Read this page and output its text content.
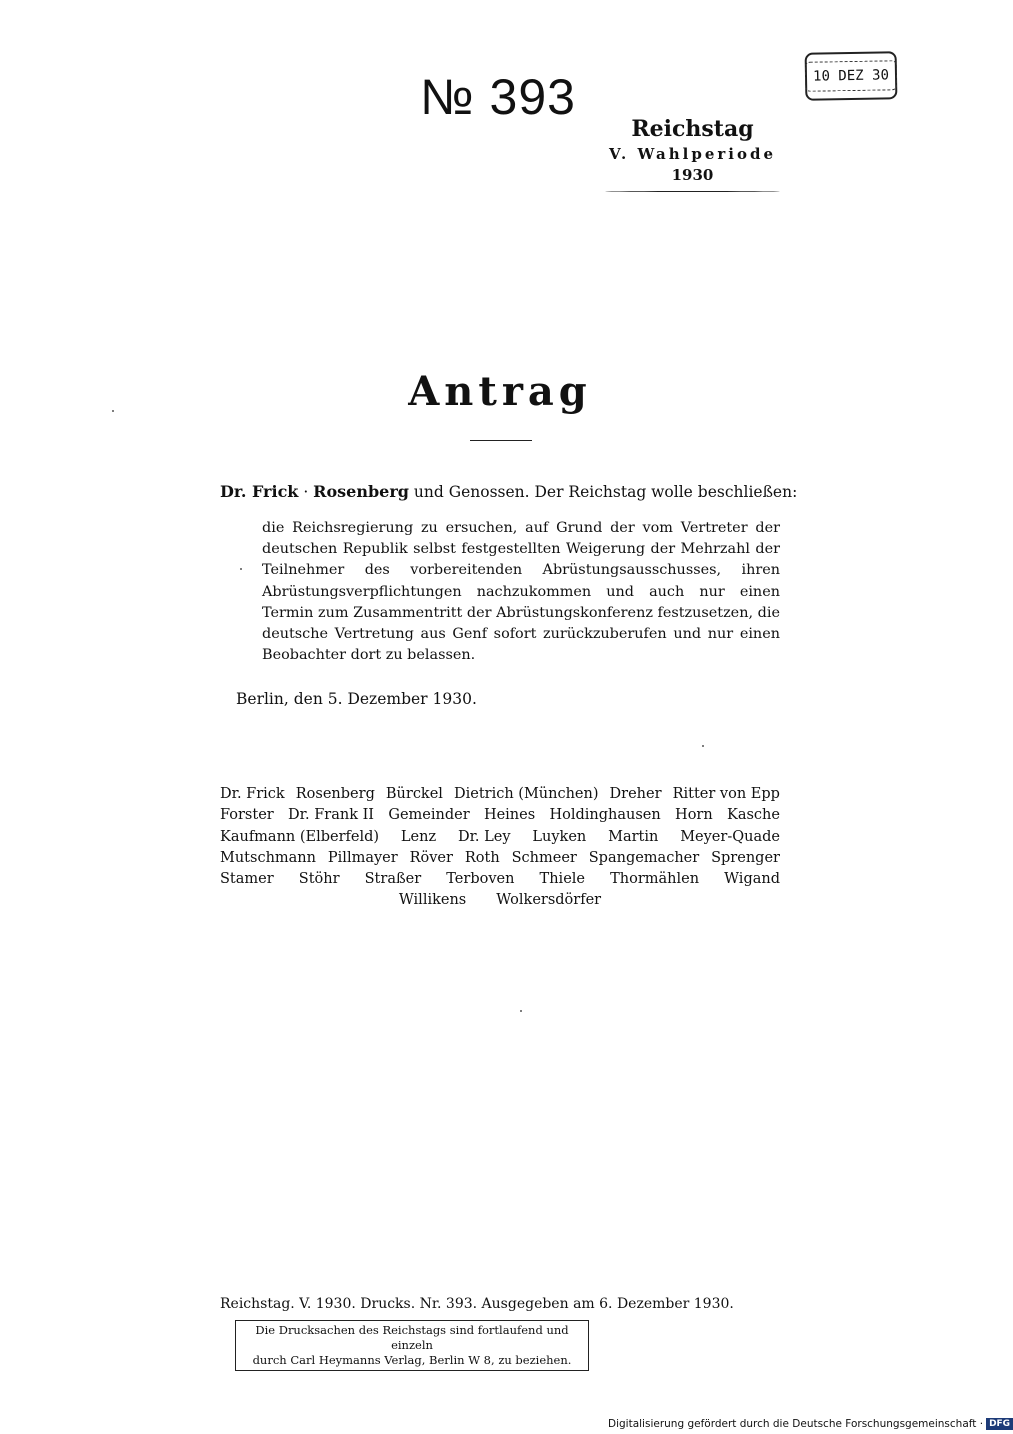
№ 393	10 DEZ 30
Reichstag
V. Wahlperiode
1930
Antrag
Dr. Frick · Rosenberg und Genossen. Der Reichstag wolle beschließen:
die Reichsregierung zu ersuchen, auf Grund der vom Vertreter der deutschen Republik selbst festgestellten Weigerung der Mehrzahl der Teilnehmer des vorbereitenden Abrüstungsausschusses, ihren Abrüstungsverpflichtungen nachzukommen und auch nur einen Termin zum Zusammentritt der Abrüstungskonferenz festzusetzen, die deutsche Vertretung aus Genf sofort zurückzuberufen und nur einen Beobachter dort zu belassen.
Berlin, den 5. Dezember 1930.
Dr. Frick Rosenberg Bürckel Dietrich (München) Dreher Ritter von Epp
Forster Dr. Frank II Gemeinder Heines Holdinghausen Horn Kasche
Kaufmann (Elberfeld) Lenz Dr. Ley Luyken Martin Meyer-Quade
Mutschmann Pillmayer Röver Roth Schmeer Spangemacher Sprenger
Stamer Stöhr Straßer Terboven Thiele Thormählen Wigand
Willikens Wolkersdörfer
Reichstag. V. 1930. Drucks. Nr. 393. Ausgegeben am 6. Dezember 1930.
Die Drucksachen des Reichstags sind fortlaufend und einzeln
durch Carl Heymanns Verlag, Berlin W 8, zu beziehen.
Digitalisierung gefördert durch die Deutsche Forschungsgemeinschaft · DFG
